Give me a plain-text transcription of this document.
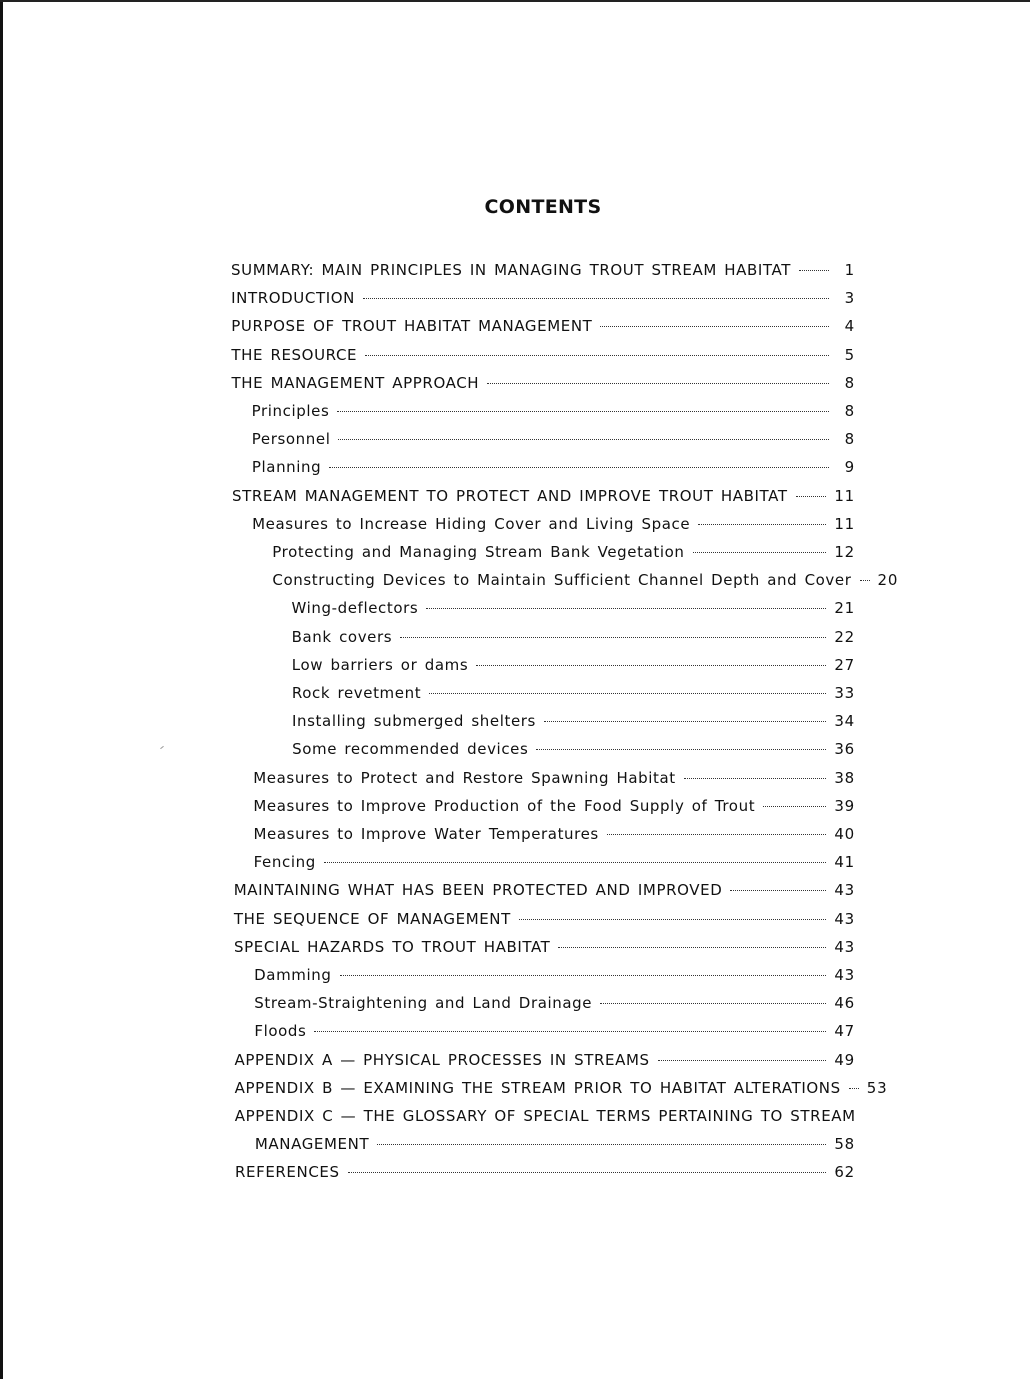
CONTENTS
SUMMARY: MAIN PRINCIPLES IN MANAGING TROUT STREAM HABITAT	1
INTRODUCTION	3
PURPOSE OF TROUT HABITAT MANAGEMENT	4
THE RESOURCE	5
THE MANAGEMENT APPROACH	8
Principles	8
Personnel	8
Planning	9
STREAM MANAGEMENT TO PROTECT AND IMPROVE TROUT HABITAT	11
Measures to Increase Hiding Cover and Living Space	11
Protecting and Managing Stream Bank Vegetation	12
Constructing Devices to Maintain Sufficient Channel Depth and Cover 20
Wing-deflectors	21
Bank covers	22
Low barriers or dams	27
Rock revetment	33
Installing submerged shelters	34
Some recommended devices	36
Measures to Protect and Restore Spawning Habitat	38
Measures to Improve Production of the Food Supply of Trout	39
Measures to Improve Water Temperatures	40
Fencing	41
MAINTAINING WHAT HAS BEEN PROTECTED AND IMPROVED	43
THE SEQUENCE OF MANAGEMENT	43
SPECIAL HAZARDS TO TROUT HABITAT	43
Damming	43
Stream-Straightening and Land Drainage	46
Floods	47
APPENDIX A — PHYSICAL PROCESSES IN STREAMS	49
APPENDIX B — EXAMINING THE STREAM PRIOR TO HABITAT ALTERATIONS 53
APPENDIX C — THE GLOSSARY OF SPECIAL TERMS PERTAINING TO STREAM
MANAGEMENT	58
REFERENCES	62
